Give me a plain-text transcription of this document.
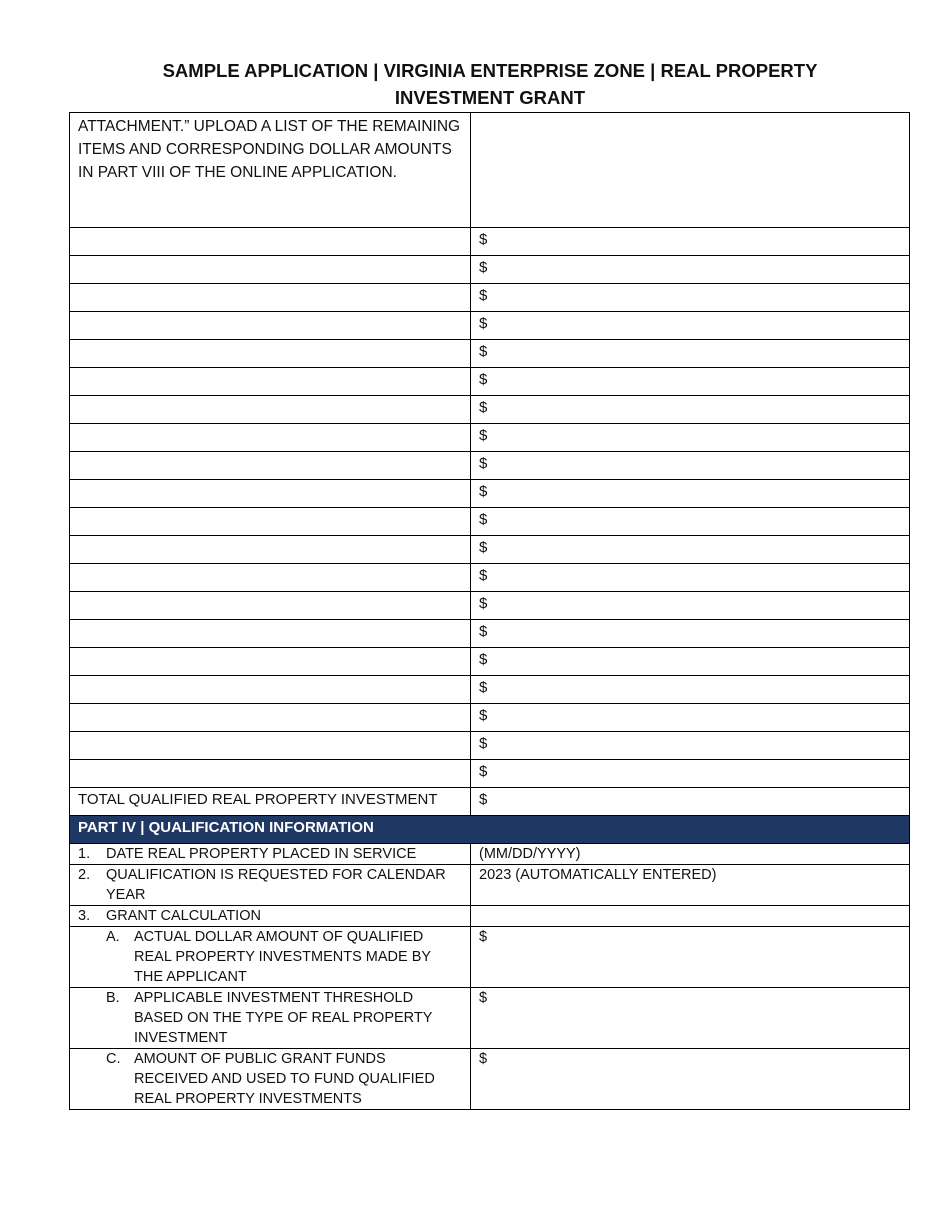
SAMPLE APPLICATION | VIRGINIA ENTERPRISE ZONE | REAL PROPERTY
INVESTMENT GRANT
ATTACHMENT.” UPLOAD A LIST OF THE REMAINING ITEMS AND CORRESPONDING DOLLAR AMOUNTS IN PART VIII OF THE ONLINE APPLICATION.	
	$
	$
	$
	$
	$
	$
	$
	$
	$
	$
	$
	$
	$
	$
	$
	$
	$
	$
	$
	$
TOTAL QUALIFIED REAL PROPERTY INVESTMENT	$
PART IV | QUALIFICATION INFORMATION	

1. DATE REAL PROPERTY PLACED IN SERVICE	(MM/DD/YYYY)

2. QUALIFICATION IS REQUESTED FOR CALENDAR YEAR	2023 (AUTOMATICALLY ENTERED)

3. GRANT CALCULATION	

A. ACTUAL DOLLAR AMOUNT OF QUALIFIED REAL PROPERTY INVESTMENTS MADE BY THE APPLICANT	$

B. APPLICABLE INVESTMENT THRESHOLD BASED ON THE TYPE OF REAL PROPERTY INVESTMENT	$

C. AMOUNT OF PUBLIC GRANT FUNDS RECEIVED AND USED TO FUND QUALIFIED REAL PROPERTY INVESTMENTS	$
